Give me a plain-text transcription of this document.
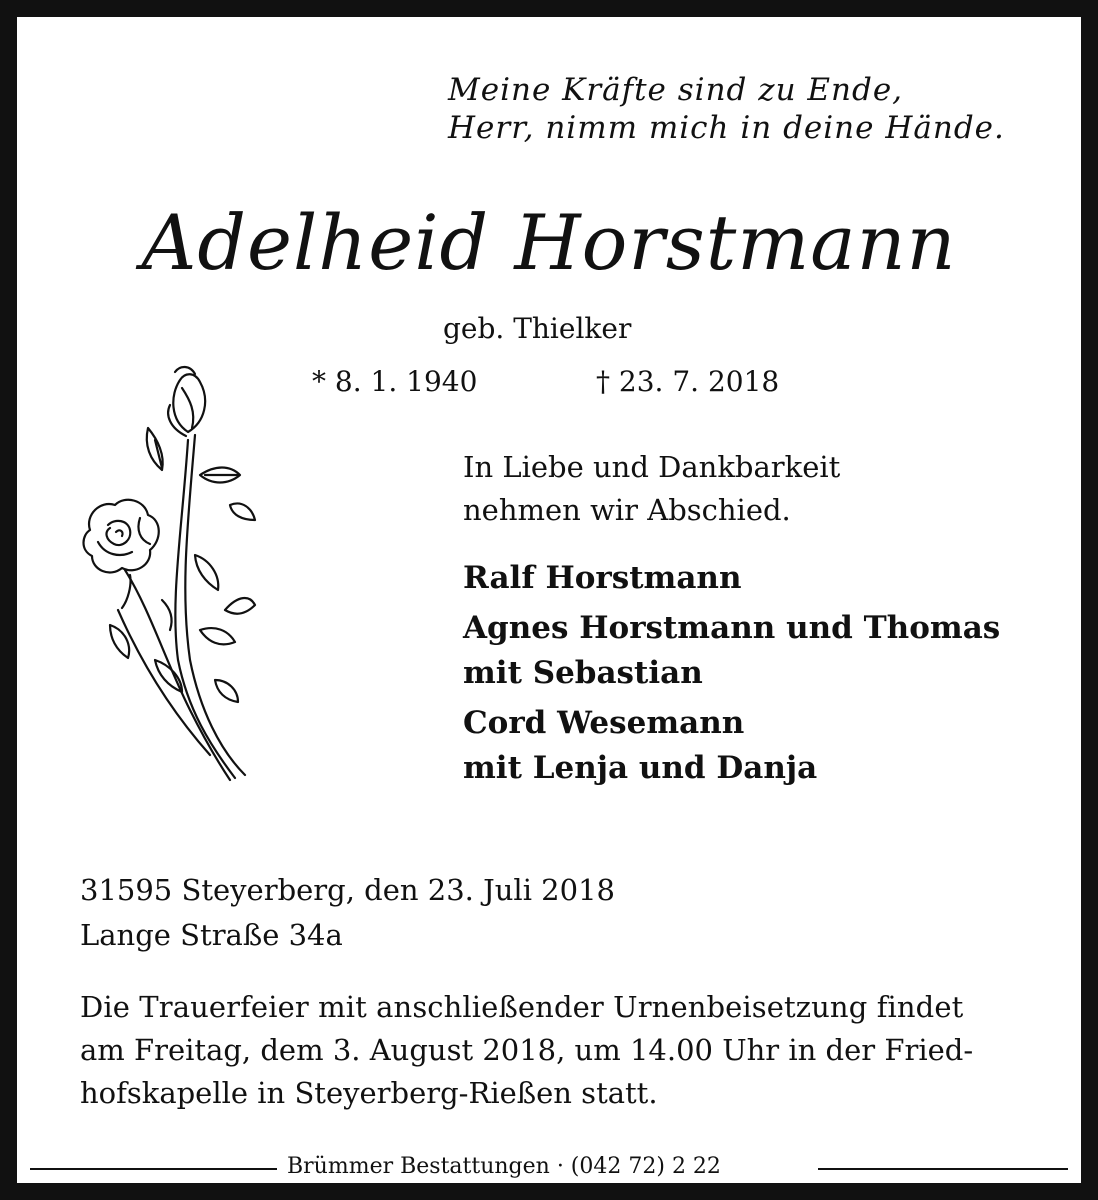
Meine Kräfte sind zu Ende,
Herr, nimm mich in deine Hände.
Adelheid Horstmann
geb. Thielker
* 8. 1. 1940	† 23. 7. 2018
In Liebe und Dankbarkeit
nehmen wir Abschied.
Ralf Horstmann
Agnes Horstmann und Thomas
mit Sebastian
Cord Wesemann
mit Lenja und Danja
31595 Steyerberg, den 23. Juli 2018
Lange Straße 34a
Die Trauerfeier mit anschließender Urnenbeisetzung findet
am Freitag, dem 3. August 2018, um 14.00 Uhr in der Fried-
hofskapelle in Steyerberg-Rießen statt.
Brümmer Bestattungen · (042 72) 2 22
